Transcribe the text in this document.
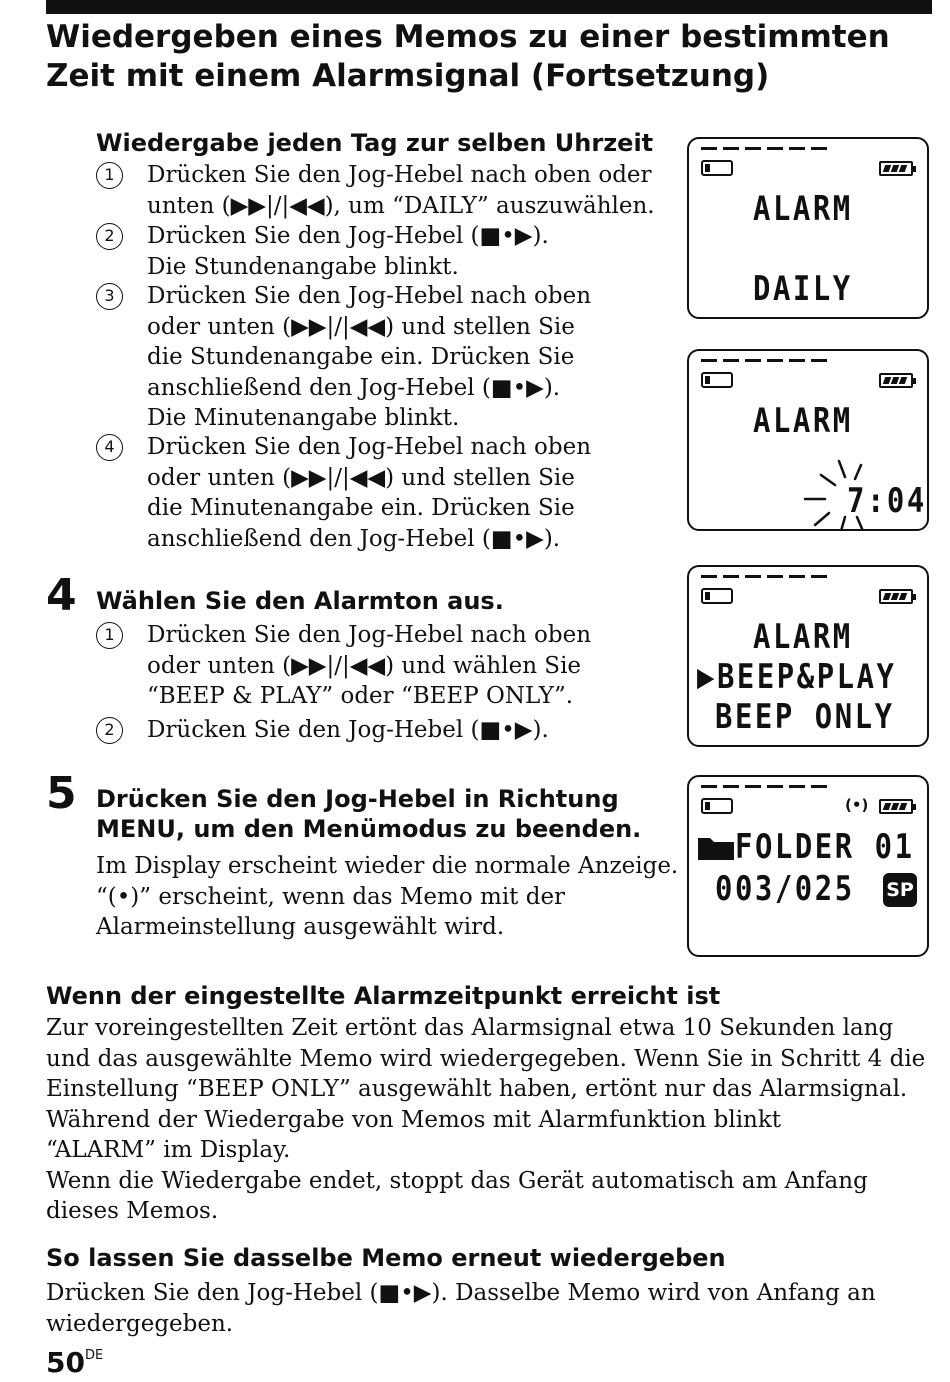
Wiedergeben eines Memos zu einer bestimmten
Zeit mit einem Alarmsignal (Fortsetzung)
Wiedergabe jeden Tag zur selben Uhrzeit
1	Drücken Sie den Jog-Hebel nach oben oder
unten (▶▶|/|◀◀), um “DAILY” auszuwählen.
2	Drücken Sie den Jog-Hebel (■•▶).
Die Stundenangabe blinkt.
3	Drücken Sie den Jog-Hebel nach oben
oder unten (▶▶|/|◀◀) und stellen Sie
die Stundenangabe ein. Drücken Sie
anschließend den Jog-Hebel (■•▶).
Die Minutenangabe blinkt.
4	Drücken Sie den Jog-Hebel nach oben
oder unten (▶▶|/|◀◀) und stellen Sie
die Minutenangabe ein. Drücken Sie
anschließend den Jog-Hebel (■•▶).
4 Wählen Sie den Alarmton aus.
1	Drücken Sie den Jog-Hebel nach oben
oder unten (▶▶|/|◀◀) und wählen Sie
“BEEP & PLAY” oder “BEEP ONLY”.
2	Drücken Sie den Jog-Hebel (■•▶).
5 Drücken Sie den Jog-Hebel in Richtung
MENU, um den Menümodus zu beenden.
Im Display erscheint wieder die normale Anzeige.
“(•)” erscheint, wenn das Memo mit der
Alarmeinstellung ausgewählt wird.
Wenn der eingestellte Alarmzeitpunkt erreicht ist
Zur voreingestellten Zeit ertönt das Alarmsignal etwa 10 Sekunden lang
und das ausgewählte Memo wird wiedergegeben. Wenn Sie in Schritt 4 die
Einstellung “BEEP ONLY” ausgewählt haben, ertönt nur das Alarmsignal.
Während der Wiedergabe von Memos mit Alarmfunktion blinkt
“ALARM” im Display.
Wenn die Wiedergabe endet, stoppt das Gerät automatisch am Anfang
dieses Memos.
So lassen Sie dasselbe Memo erneut wiedergeben
Drücken Sie den Jog-Hebel (■•▶). Dasselbe Memo wird von Anfang an
wiedergegeben.
ALARM
DAILY
ALARM
7:04
ALARM
▶BEEP&PLAY
BEEP ONLY
(•)
FOLDER 01
003/025 SP
50DE
